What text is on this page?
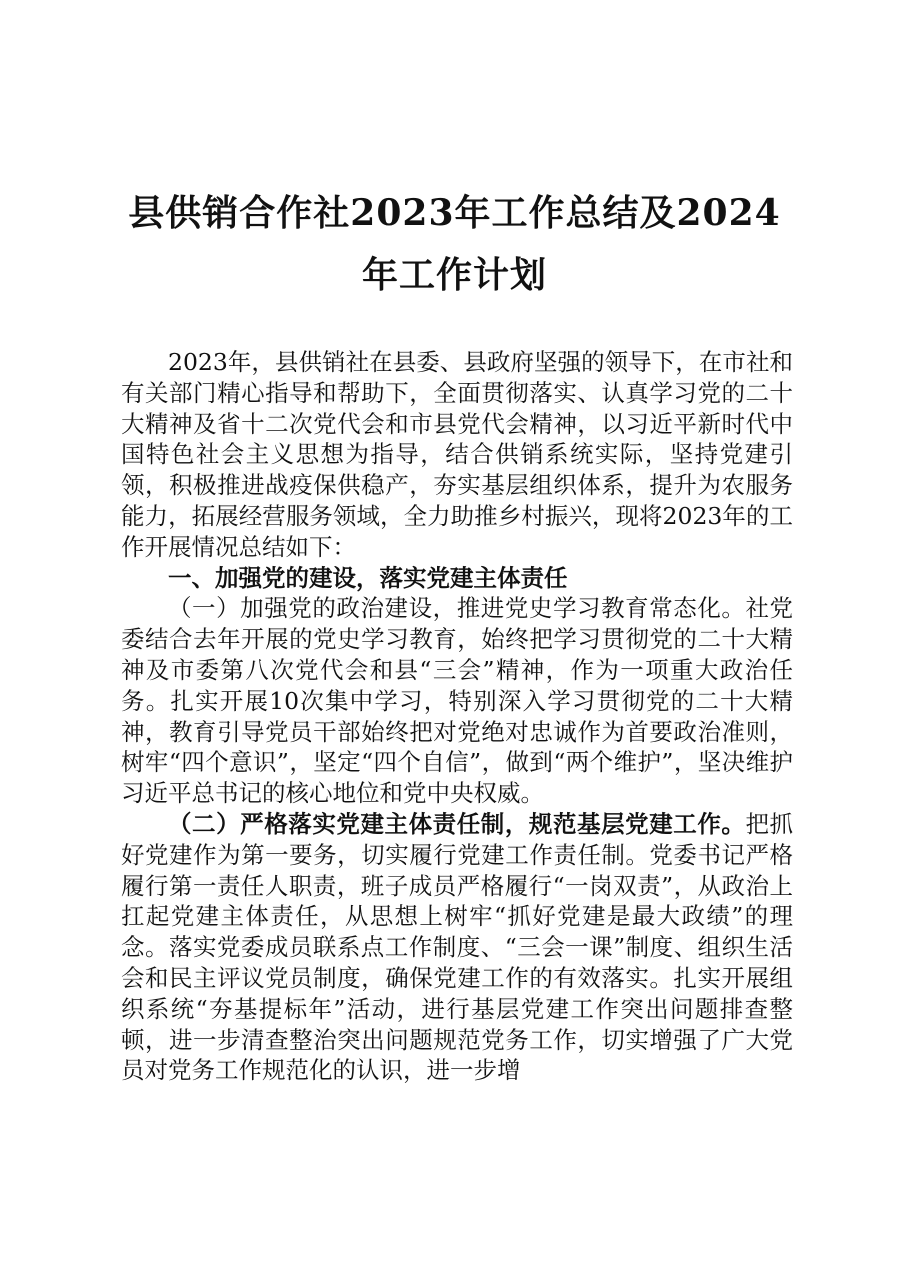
县供销合作社2023年工作总结及2024年工作计划

2023年，县供销社在县委、县政府坚强的领导下，在市社和有关部门精心指导和帮助下，全面贯彻落实、认真学习党的二十大精神及省十二次党代会和市县党代会精神，以习近平新时代中国特色社会主义思想为指导，结合供销系统实际，坚持党建引领，积极推进战疫保供稳产，夯实基层组织体系，提升为农服务能力，拓展经营服务领域，全力助推乡村振兴，现将2023年的工作开展情况总结如下：

一、加强党的建设，落实党建主体责任

（一）加强党的政治建设，推进党史学习教育常态化。社党委结合去年开展的党史学习教育，始终把学习贯彻党的二十大精神及市委第八次党代会和县“三会”精神，作为一项重大政治任务。扎实开展10次集中学习，特别深入学习贯彻党的二十大精神，教育引导党员干部始终把对党绝对忠诚作为首要政治准则，树牢“四个意识”，坚定“四个自信”，做到“两个维护”，坚决维护习近平总书记的核心地位和党中央权威。

（二）严格落实党建主体责任制，规范基层党建工作。把抓好党建作为第一要务，切实履行党建工作责任制。党委书记严格履行第一责任人职责，班子成员严格履行“一岗双责”，从政治上扛起党建主体责任，从思想上树牢“抓好党建是最大政绩”的理念。落实党委成员联系点工作制度、“三会一课”制度、组织生活会和民主评议党员制度，确保党建工作的有效落实。扎实开展组织系统“夯基提标年”活动，进行基层党建工作突出问题排查整顿，进一步清查整治突出问题规范党务工作，切实增强了广大党员对党务工作规范化的认识，进一步增
